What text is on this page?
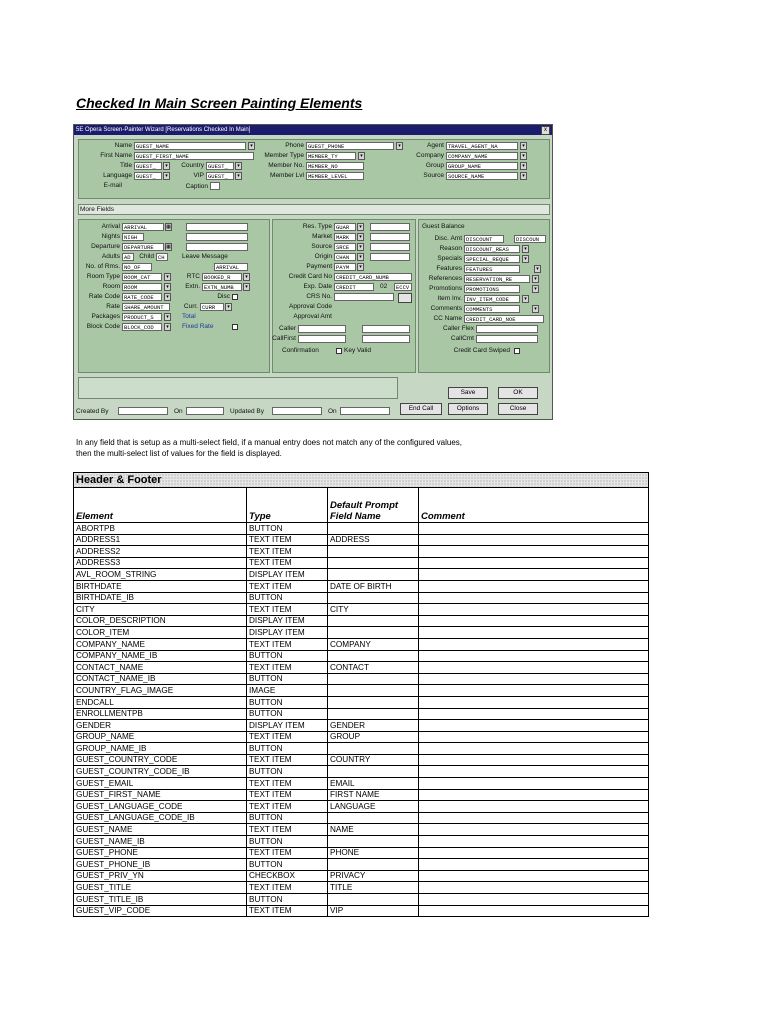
Checked In Main Screen Painting Elements
5E Opera Screen-Painter Wizard [Reservations Checked In Main]	x
Name GUEST_NAME	▾
First Name GUEST_FIRST_NAME
Title GUEST_	▾	Country GUEST_	▾
Language GUEST_	▾	VIP GUEST_	▾
E-mail	Caption
Phone GUEST_PHONE	▾
Member Type MEMBER_TY	▾
Member No. MEMBER_NO
Member Lvl MEMBER_LEVEL
Agent TRAVEL_AGENT_NA	▾
Company COMPANY_NAME	▾
Group GROUP_NAME	▾
Source SOURCE_NAME	▾
More Fields
Arrival ARRIVAL	▦
Nights NIGH
Departure DEPARTURE	▦
Adults AD	Child CH	Leave Message
No. of Rms. NO_OF	ARRIVAL
Room Type ROOM_CAT	▾	RTC BOOKED_R	▾
Room ROOM	▾	Extn. EXTN_NUMB	▾
Rate Code RATE_CODE	▾	Disc
Rate SHARE_AMOUNT	Curr. CURR	▾
Packages PRODUCT_S	▾	Total
Block Code BLOCK_COD	▾	Fixed Rate
Res. Type GUAR	▾
Market MARK	▾
Source SRCE	▾
Origin CHAN	▾
Payment PAYM	▾
Credit Card No CREDIT_CARD_NUMB
Exp. Date CREDIT	02	ECCV
CRS No.
Approval Code
Approval Amt
Caller
CallFirst
Confirmation	Key Valid
Guest Balance
Disc. Amt DISCOUNT	DISCOUN
Reason DISCOUNT_REAS	▾
Specials SPECIAL_REQUE	▾
Features FEATURES	▾
References RESERVATION_RE	▾
Promotions PROMOTIONS	▾
Item Inv. INV_ITEM_CODE	▾
Comments COMMENTS	▾
CC Name CREDIT_CARD_NOE
Caller Flex
CallCmt
Credit Card Swiped
Save	OK
End Call	Options	Close
Created By	On	Updated By	On
In any field that is setup as a multi-select field, if a manual entry does not match any of the configured values, then the multi-select list of values for the field is displayed.
Header & Footer			
Element	Type	Default Prompt Field Name	Comment
ABORTPB	BUTTON		
ADDRESS1	TEXT ITEM	ADDRESS	
ADDRESS2	TEXT ITEM		
ADDRESS3	TEXT ITEM		
AVL_ROOM_STRING	DISPLAY ITEM		
BIRTHDATE	TEXT ITEM	DATE OF BIRTH	
BIRTHDATE_IB	BUTTON		
CITY	TEXT ITEM	CITY	
COLOR_DESCRIPTION	DISPLAY ITEM		
COLOR_ITEM	DISPLAY ITEM		
COMPANY_NAME	TEXT ITEM	COMPANY	
COMPANY_NAME_IB	BUTTON		
CONTACT_NAME	TEXT ITEM	CONTACT	
CONTACT_NAME_IB	BUTTON		
COUNTRY_FLAG_IMAGE	IMAGE		
ENDCALL	BUTTON		
ENROLLMENTPB	BUTTON		
GENDER	DISPLAY ITEM	GENDER	
GROUP_NAME	TEXT ITEM	GROUP	
GROUP_NAME_IB	BUTTON		
GUEST_COUNTRY_CODE	TEXT ITEM	COUNTRY	
GUEST_COUNTRY_CODE_IB	BUTTON		
GUEST_EMAIL	TEXT ITEM	EMAIL	
GUEST_FIRST_NAME	TEXT ITEM	FIRST NAME	
GUEST_LANGUAGE_CODE	TEXT ITEM	LANGUAGE	
GUEST_LANGUAGE_CODE_IB	BUTTON		
GUEST_NAME	TEXT ITEM	NAME	
GUEST_NAME_IB	BUTTON		
GUEST_PHONE	TEXT ITEM	PHONE	
GUEST_PHONE_IB	BUTTON		
GUEST_PRIV_YN	CHECKBOX	PRIVACY	
GUEST_TITLE	TEXT ITEM	TITLE	
GUEST_TITLE_IB	BUTTON		
GUEST_VIP_CODE	TEXT ITEM	VIP	
